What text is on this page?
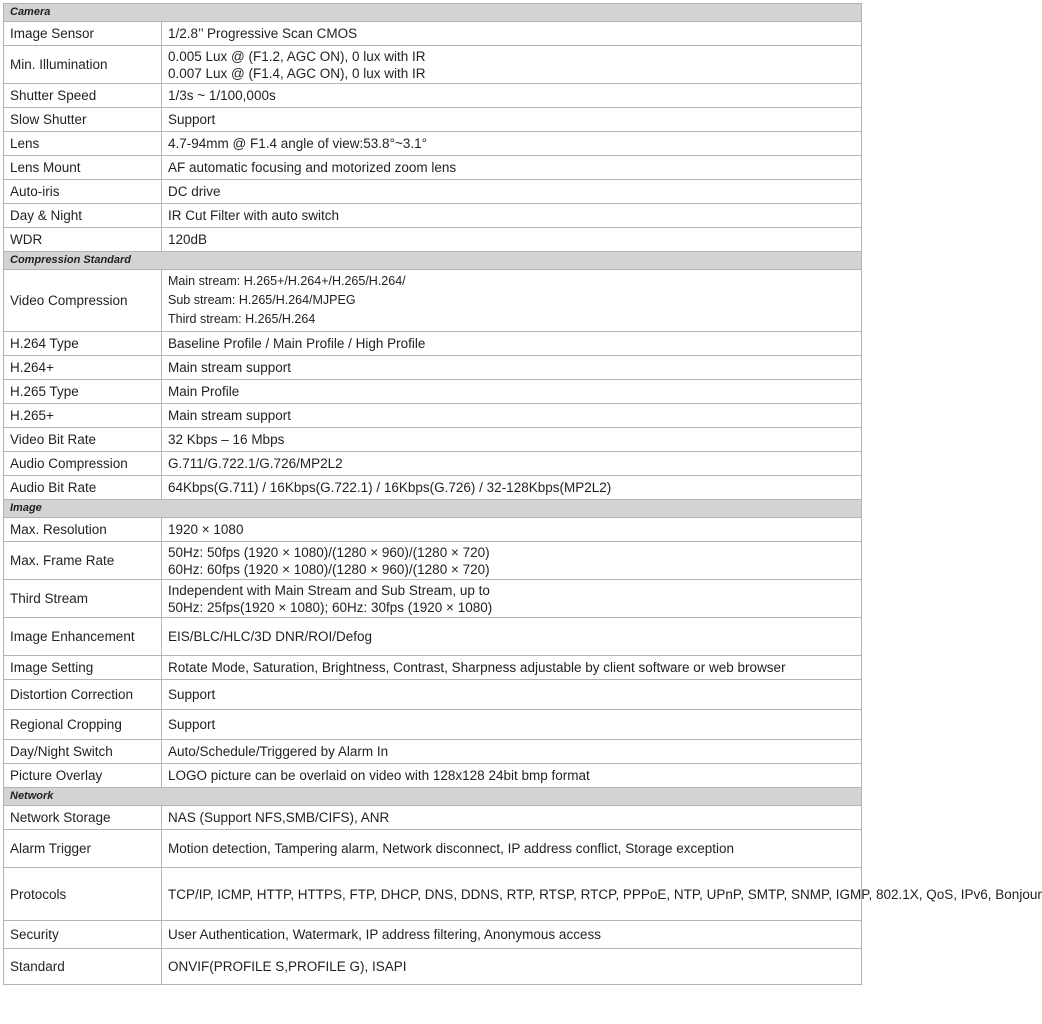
Camera	
Image Sensor	1/2.8’’ Progressive Scan CMOS

Min. Illumination	0.005 Lux @ (F1.2, AGC ON), 0 lux with IR
0.007 Lux @ (F1.4, AGC ON), 0 lux with IR

Shutter Speed	1/3s ~ 1/100,000s

Slow Shutter	Support

Lens	4.7-94mm @ F1.4 angle of view:53.8°~3.1°

Lens Mount	AF automatic focusing and motorized zoom lens

Auto-iris	DC drive

Day & Night	IR Cut Filter with auto switch

WDR	120dB

Compression Standard	
Video Compression	Main stream: H.265+/H.264+/H.265/H.264/
Sub stream: H.265/H.264/MJPEG
Third stream: H.265/H.264

H.264 Type	Baseline Profile / Main Profile / High Profile

H.264+	Main stream support

H.265 Type	Main Profile

H.265+	Main stream support

Video Bit Rate	32 Kbps – 16 Mbps

Audio Compression	G.711/G.722.1/G.726/MP2L2

Audio Bit Rate	64Kbps(G.711) / 16Kbps(G.722.1) / 16Kbps(G.726) / 32-128Kbps(MP2L2)

Image	
Max. Resolution	1920 × 1080

Max. Frame Rate	50Hz: 50fps (1920 × 1080)/(1280 × 960)/(1280 × 720)
60Hz: 60fps (1920 × 1080)/(1280 × 960)/(1280 × 720)

Third Stream	Independent with Main Stream and Sub Stream, up to
50Hz: 25fps(1920 × 1080); 60Hz: 30fps (1920 × 1080)

Image Enhancement	EIS/BLC/HLC/3D DNR/ROI/Defog

Image Setting	Rotate Mode, Saturation, Brightness, Contrast, Sharpness adjustable by client software or web browser

Distortion Correction	Support

Regional Cropping	Support

Day/Night Switch	Auto/Schedule/Triggered by Alarm In

Picture Overlay	LOGO picture can be overlaid on video with 128x128 24bit bmp format

Network	
Network Storage	NAS (Support NFS,SMB/CIFS), ANR

Alarm Trigger	Motion detection, Tampering alarm, Network disconnect, IP address conflict, Storage exception

Protocols	TCP/IP, ICMP, HTTP, HTTPS, FTP, DHCP, DNS, DDNS, RTP, RTSP, RTCP, PPPoE, NTP, UPnP, SMTP, SNMP, IGMP, 802.1X, QoS, IPv6, Bonjour

Security	User Authentication, Watermark, IP address filtering, Anonymous access

Standard	ONVIF(PROFILE S,PROFILE G), ISAPI
